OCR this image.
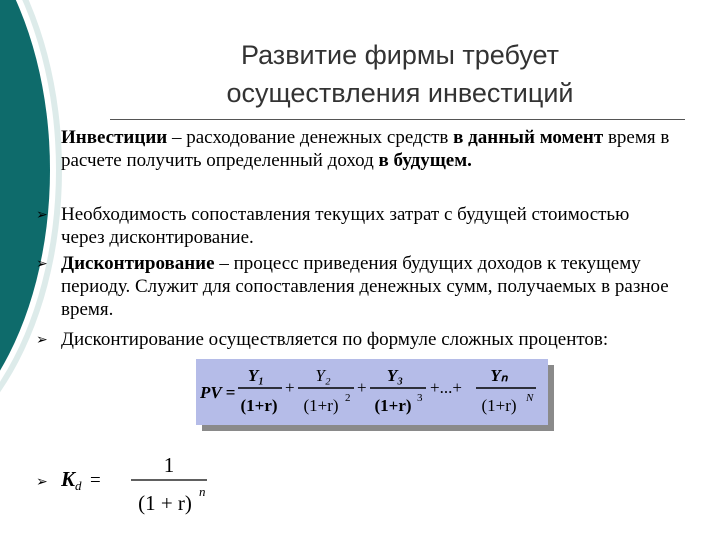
Развитие фирмы требует
осуществления инвестиций
Инвестиции – расходование денежных средств в данный момент время в расчете получить определенный доход в будущем.
➢ Необходимость сопоставления текущих затрат с будущей стоимостью через дисконтирование.
➢ Дисконтирование – процесс приведения будущих доходов к текущему периоду. Служит для сопоставления денежных сумм, получаемых в разное время.
➢ Дисконтирование осуществляется по формуле сложных процентов:
PV =
Y₁
(1+r)
+
Y₂
(1+r) 2
+
Y₃
(1+r) 3
+...+
Yₙ
(1+r) N
➢ K d =
1
(1 + r) n
